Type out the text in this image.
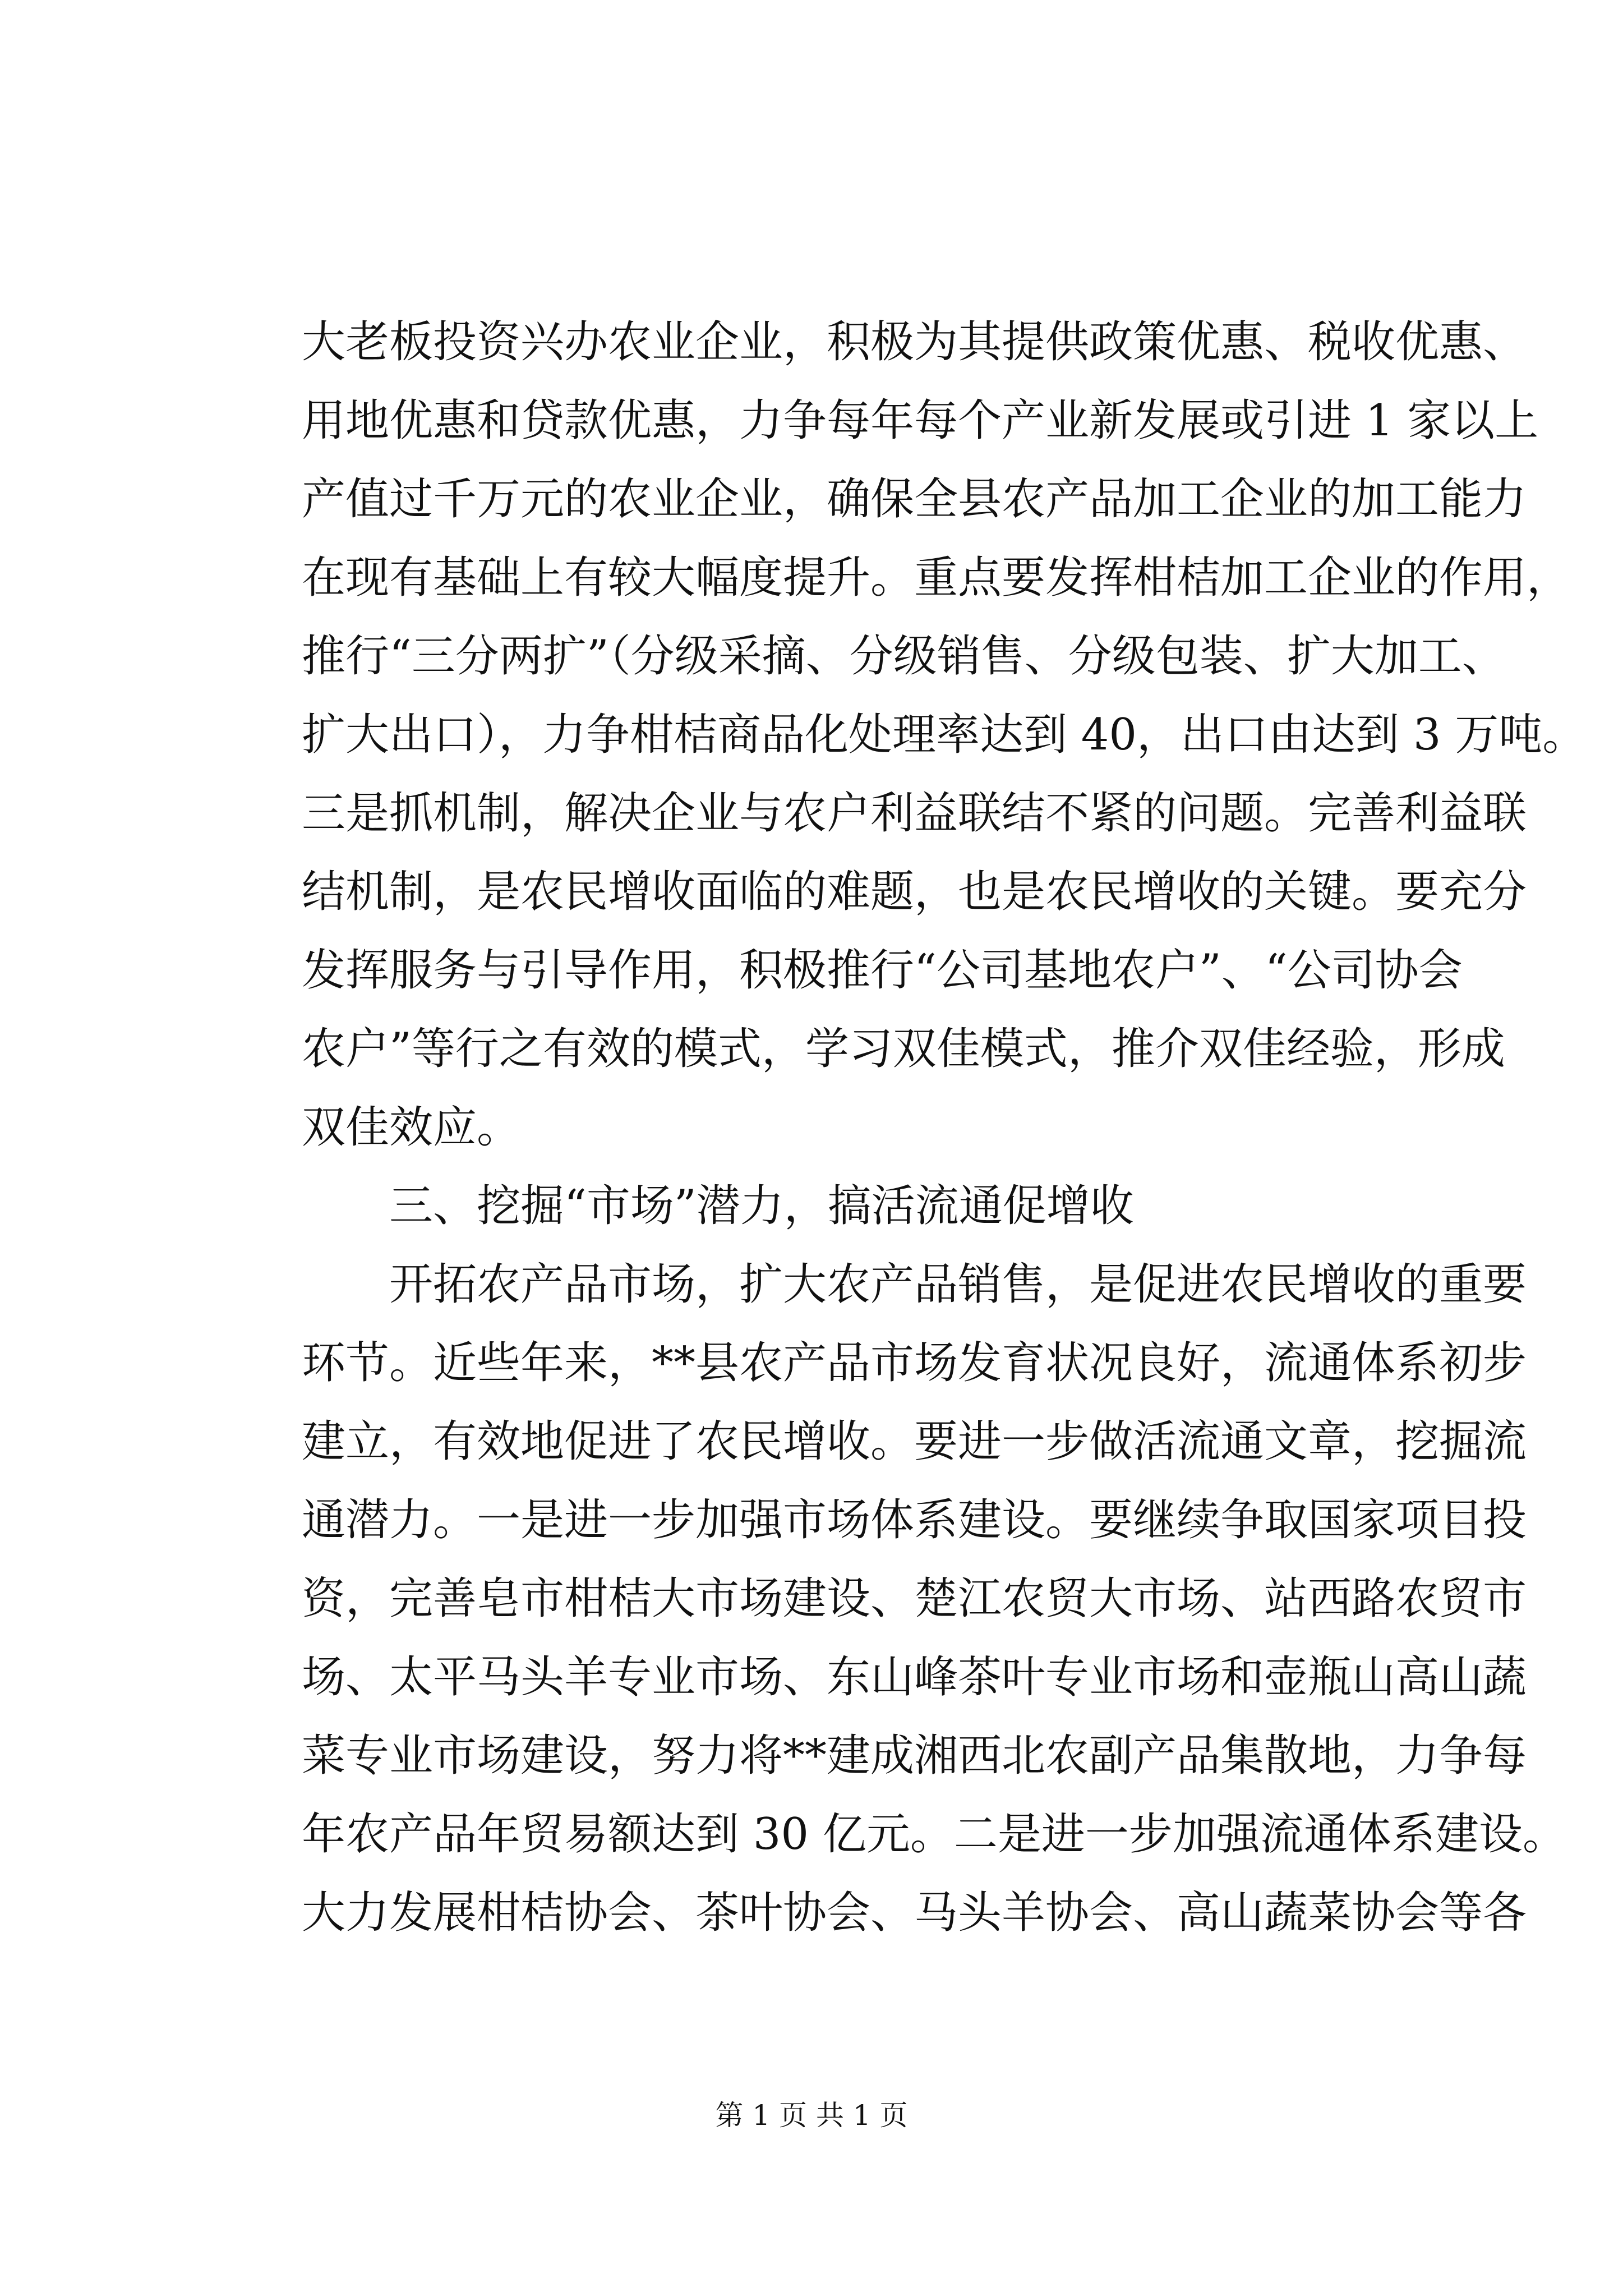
大老板投资兴办农业企业，积极为其提供政策优惠、税收优惠、
用地优惠和贷款优惠，力争每年每个产业新发展或引进 1 家以上
产值过千万元的农业企业，确保全县农产品加工企业的加工能力
在现有基础上有较大幅度提升。重点要发挥柑桔加工企业的作用，
推行“三分两扩”（分级采摘、分级销售、分级包装、扩大加工、
扩大出口），力争柑桔商品化处理率达到 40，出口由达到 3 万吨。
三是抓机制，解决企业与农户利益联结不紧的问题。完善利益联
结机制，是农民增收面临的难题，也是农民增收的关键。要充分
发挥服务与引导作用，积极推行“公司基地农户”、“公司协会
农户”等行之有效的模式，学习双佳模式，推介双佳经验，形成
双佳效应。
三、挖掘“市场”潜力，搞活流通促增收
开拓农产品市场，扩大农产品销售，是促进农民增收的重要
环节。近些年来，**县农产品市场发育状况良好，流通体系初步
建立，有效地促进了农民增收。要进一步做活流通文章，挖掘流
通潜力。一是进一步加强市场体系建设。要继续争取国家项目投
资，完善皂市柑桔大市场建设、楚江农贸大市场、站西路农贸市
场、太平马头羊专业市场、东山峰茶叶专业市场和壶瓶山高山蔬
菜专业市场建设，努力将**建成湘西北农副产品集散地，力争每
年农产品年贸易额达到 30 亿元。二是进一步加强流通体系建设。
大力发展柑桔协会、茶叶协会、马头羊协会、高山蔬菜协会等各
第 1 页 共 1 页
